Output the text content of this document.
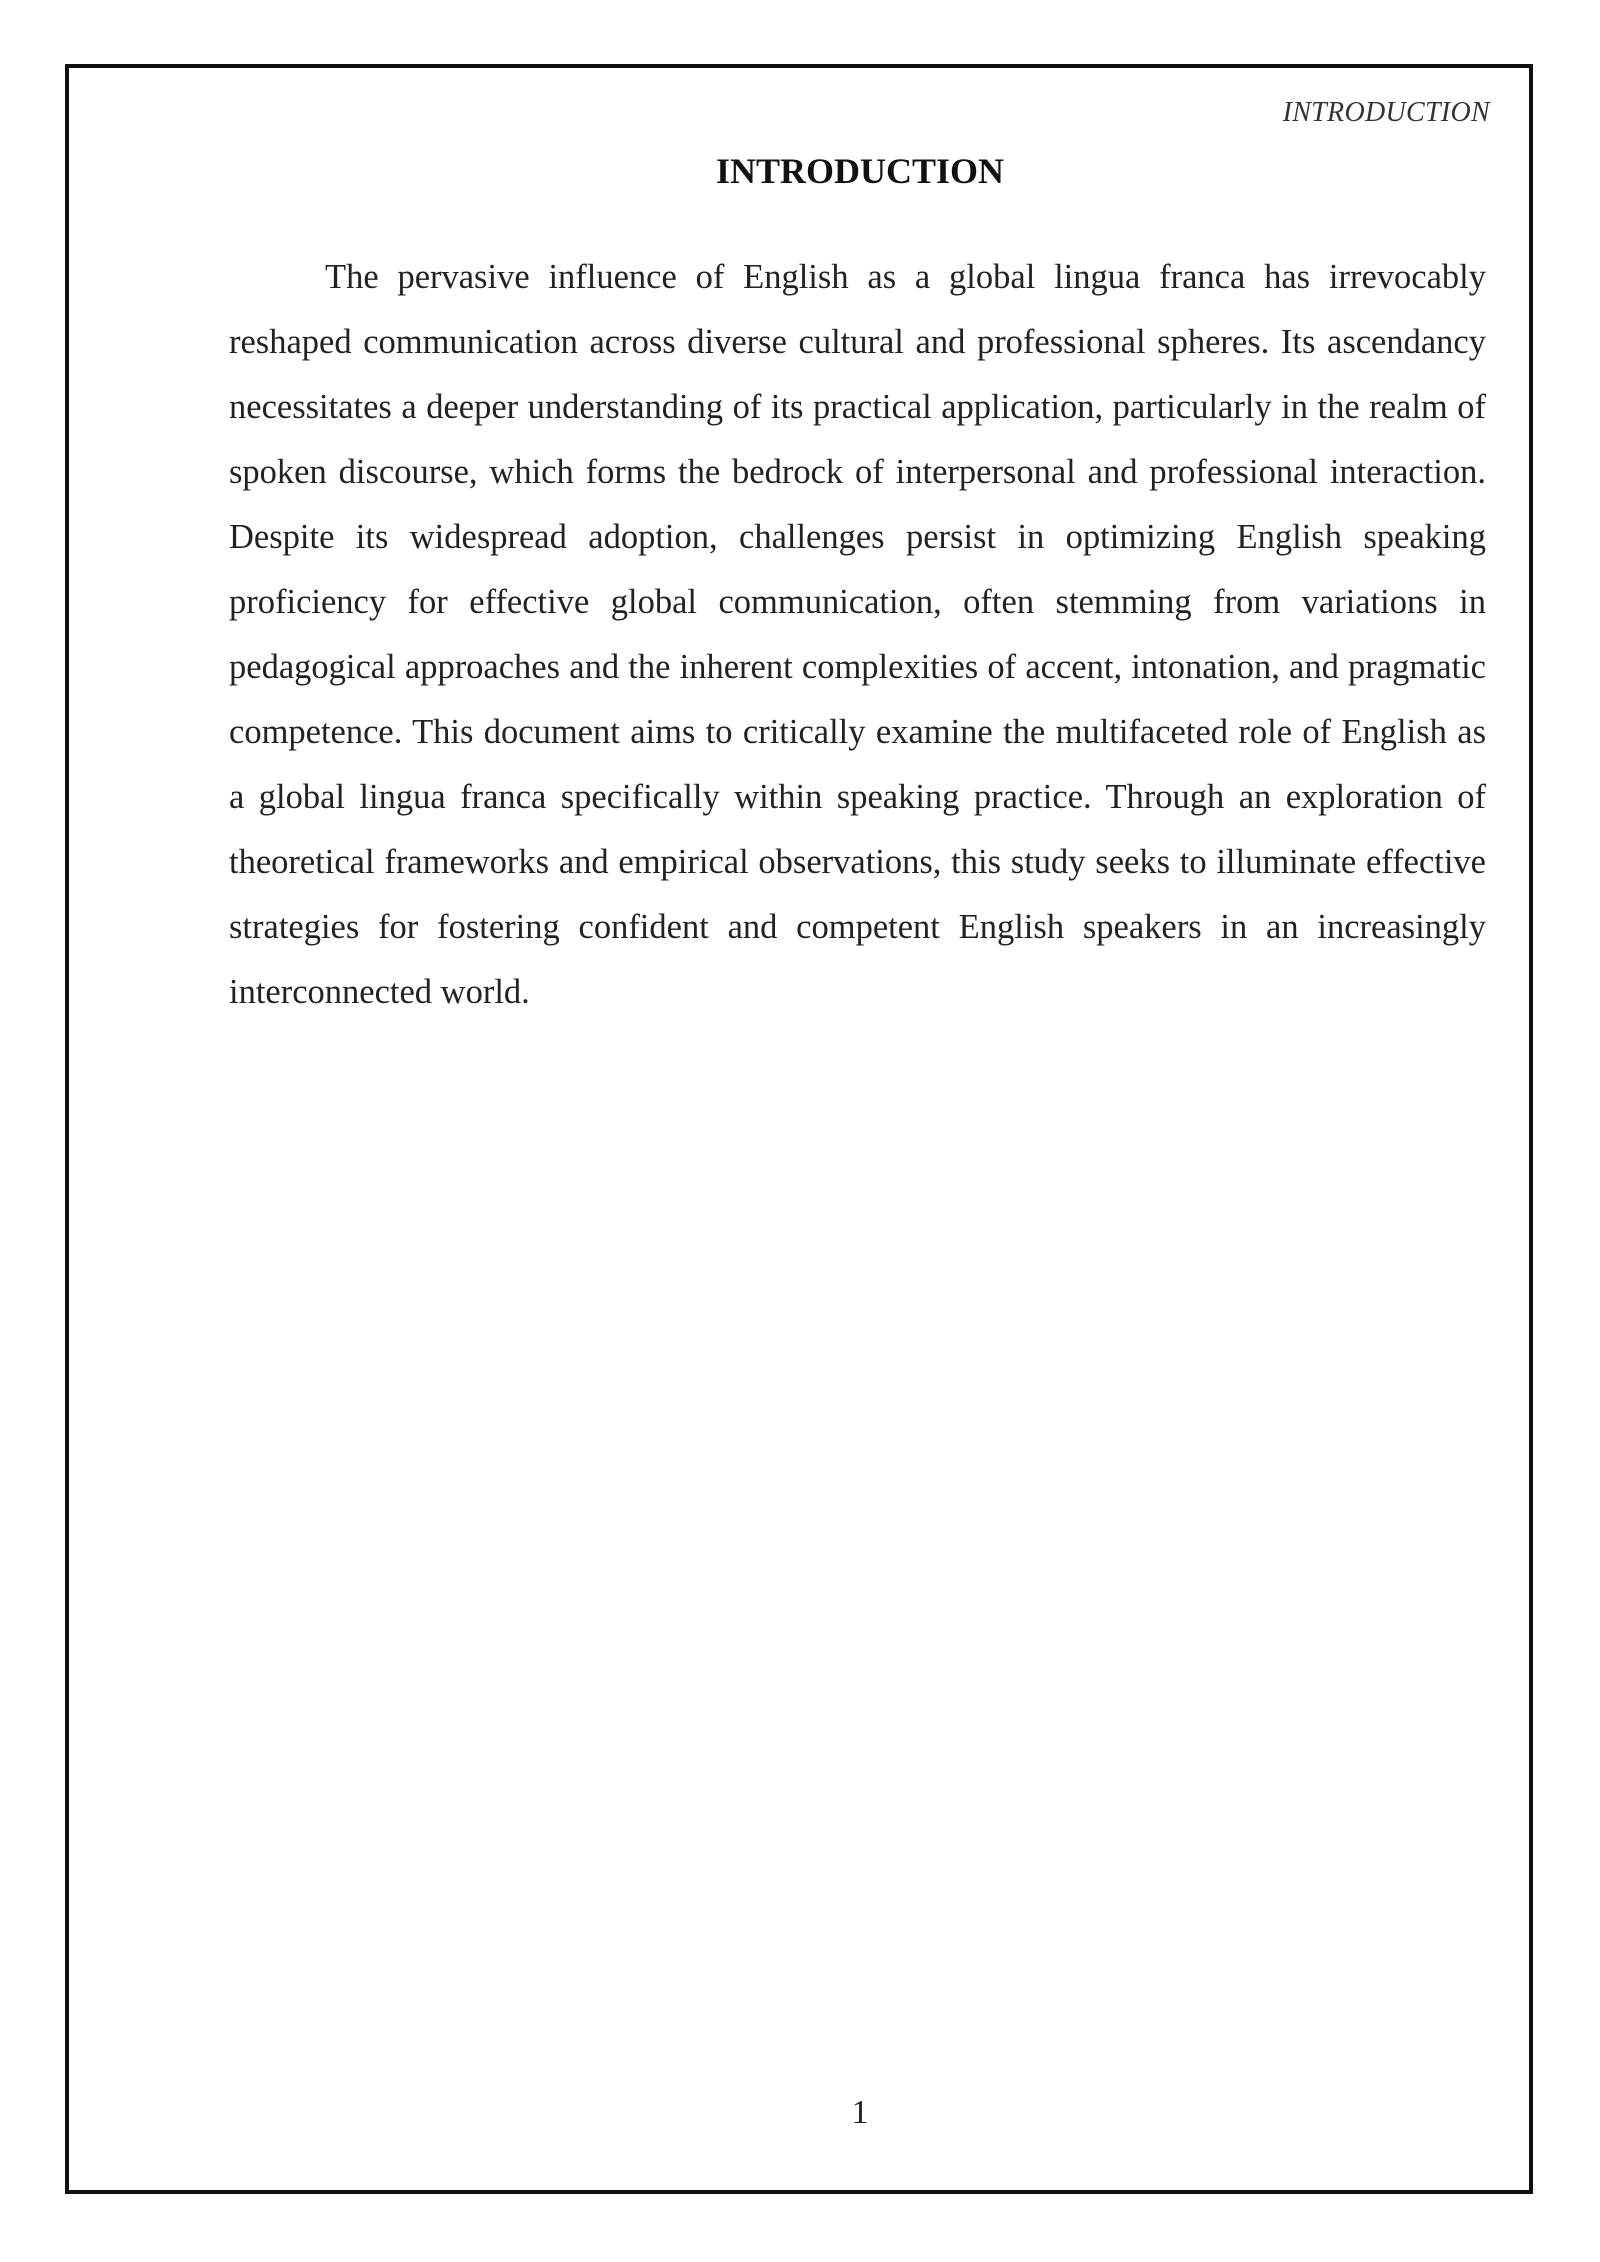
INTRODUCTION
INTRODUCTION

The pervasive influence of English as a global lingua franca has irrevocably reshaped communication across diverse cultural and professional spheres. Its ascendancy necessitates a deeper understanding of its practical application, particularly in the realm of spoken discourse, which forms the bedrock of interpersonal and professional interaction. Despite its widespread adoption, challenges persist in optimizing English speaking proficiency for effective global communication, often stemming from variations in pedagogical approaches and the inherent complexities of accent, intonation, and pragmatic competence. This document aims to critically examine the multifaceted role of English as a global lingua franca specifically within speaking practice. Through an exploration of theoretical frameworks and empirical observations, this study seeks to illuminate effective strategies for fostering confident and competent English speakers in an increasingly interconnected world.

1
